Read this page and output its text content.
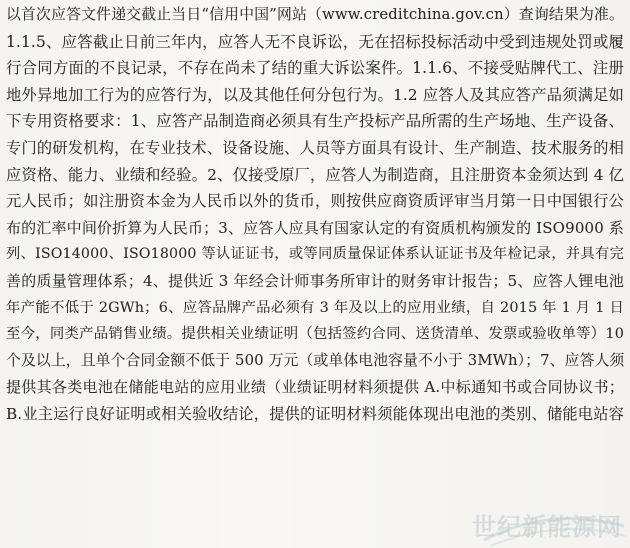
以首次应答文件递交截止当日“信用中国”网站（www.creditchina.gov.cn）查询结果为准。
1.1.5、应答截止日前三年内，应答人无不良诉讼，无在招标投标活动中受到违规处罚或履
行合同方面的不良记录，不存在尚未了结的重大诉讼案件。1.1.6、不接受贴牌代工、注册
地外异地加工行为的应答行为，以及其他任何分包行为。1.2 应答人及其应答产品须满足如
下专用资格要求：1、应答产品制造商必须具有生产投标产品所需的生产场地、生产设备、
专门的研发机构，在专业技术、设备设施、人员等方面具有设计、生产制造、技术服务的相
应资格、能力、业绩和经验。2、仅接受原厂，应答人为制造商，且注册资本金须达到 4 亿
元人民币；如注册资本金为人民币以外的货币，则按供应商资质评审当月第一日中国银行公
布的汇率中间价折算为人民币；3、应答人应具有国家认定的有资质机构颁发的 ISO9000 系
列、ISO14000、ISO18000 等认证证书，或等同质量保证体系认证证书及年检记录，并具有完
善的质量管理体系；4、提供近 3 年经会计师事务所审计的财务审计报告；5、应答人锂电池
年产能不低于 2GWh；6、应答品牌产品必须有 3 年及以上的应用业绩，自 2015 年 1 月 1 日
至今，同类产品销售业绩。提供相关业绩证明（包括签约合同、送货清单、发票或验收单等）10
个及以上，且单个合同金额不低于 500 万元（或单体电池容量不小于 3MWh）；7、应答人须
提供其各类电池在储能电站的应用业绩（业绩证明材料须提供 A.中标通知书或合同协议书；
B.业主运行良好证明或相关验收结论，提供的证明材料须能体现出电池的类别、储能电站容
世纪新能源网
